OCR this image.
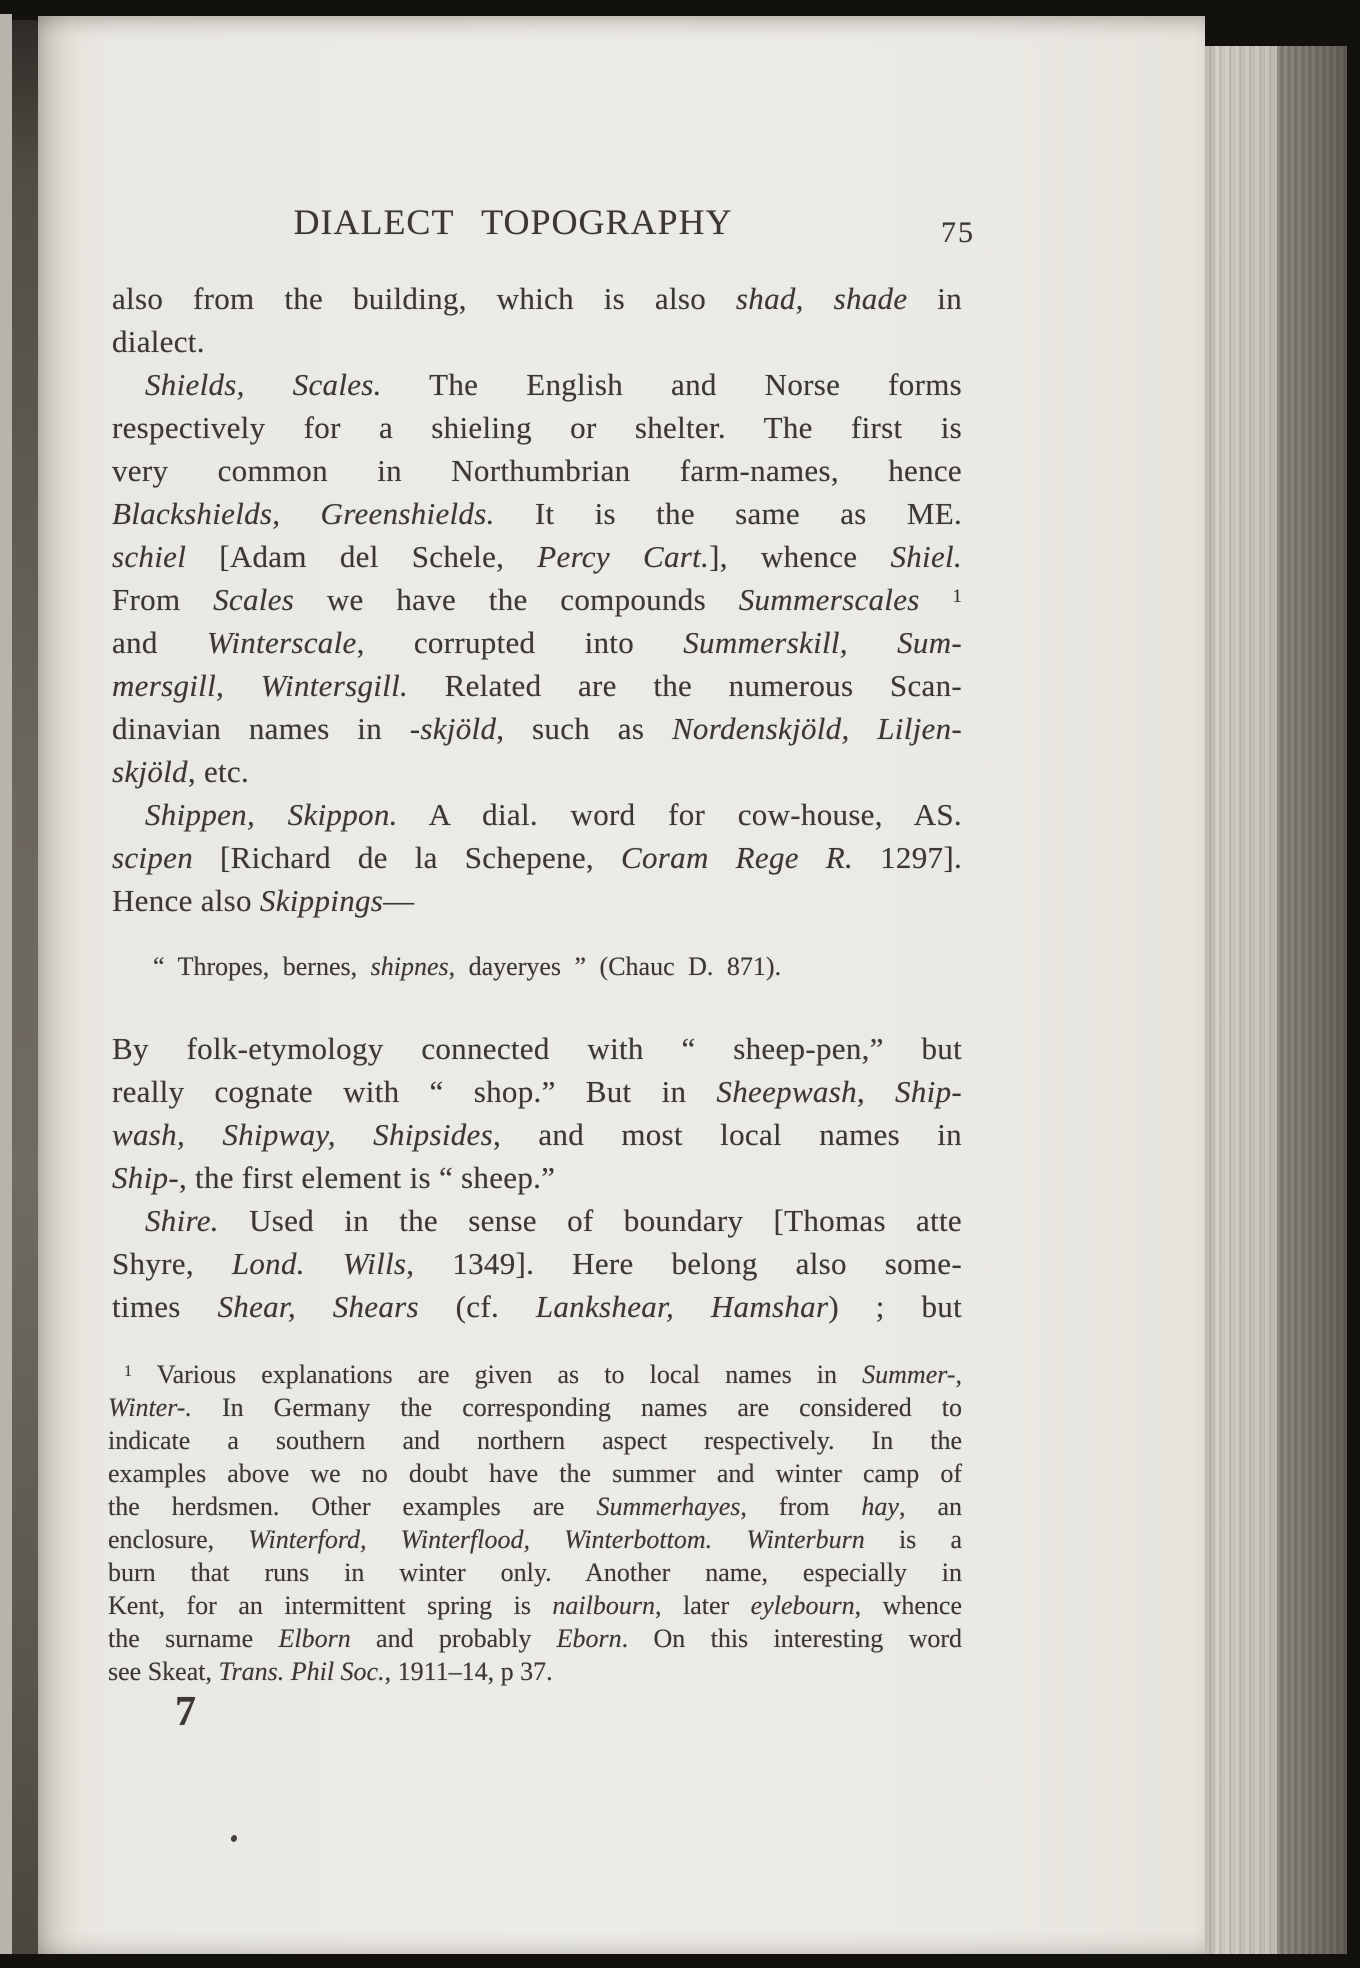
DIALECT TOPOGRAPHY	75
also from the building, which is also shad, shade in
dialect.
Shields, Scales. The English and Norse forms
respectively for a shieling or shelter. The first is
very common in Northumbrian farm-names, hence
Blackshields, Greenshields. It is the same as ME.
schiel [Adam del Schele, Percy Cart.], whence Shiel.
From Scales we have the compounds Summerscales $^1$
and Winterscale, corrupted into Summerskill, Sum-
mersgill, Wintersgill. Related are the numerous Scan-
dinavian names in -skjöld, such as Nordenskjöld, Liljen-
skjöld, etc.
Shippen, Skippon. A dial. word for cow-house, AS.
scipen [Richard de la Schepene, Coram Rege R. 1297].
Hence also Skippings—
“ Thropes, bernes, shipnes, dayeryes ” (Chauc D. 871).
By folk-etymology connected with “ sheep-pen,” but
really cognate with “ shop.” But in Sheepwash, Ship-
wash, Shipway, Shipsides, and most local names in
Ship-, the first element is “ sheep.”
Shire. Used in the sense of boundary [Thomas atte
Shyre, Lond. Wills, 1349]. Here belong also some-
times Shear, Shears (cf. Lankshear, Hamshar) ; but
$^1$ Various explanations are given as to local names in Summer-,
Winter-. In Germany the corresponding names are considered to
indicate a southern and northern aspect respectively. In the
examples above we no doubt have the summer and winter camp of
the herdsmen. Other examples are Summerhayes, from hay, an
enclosure, Winterford, Winterflood, Winterbottom. Winterburn is a
burn that runs in winter only. Another name, especially in
Kent, for an intermittent spring is nailbourn, later eylebourn, whence
the surname Elborn and probably Eborn. On this interesting word
see Skeat, Trans. Phil Soc., 1911–14, p 37.
7
